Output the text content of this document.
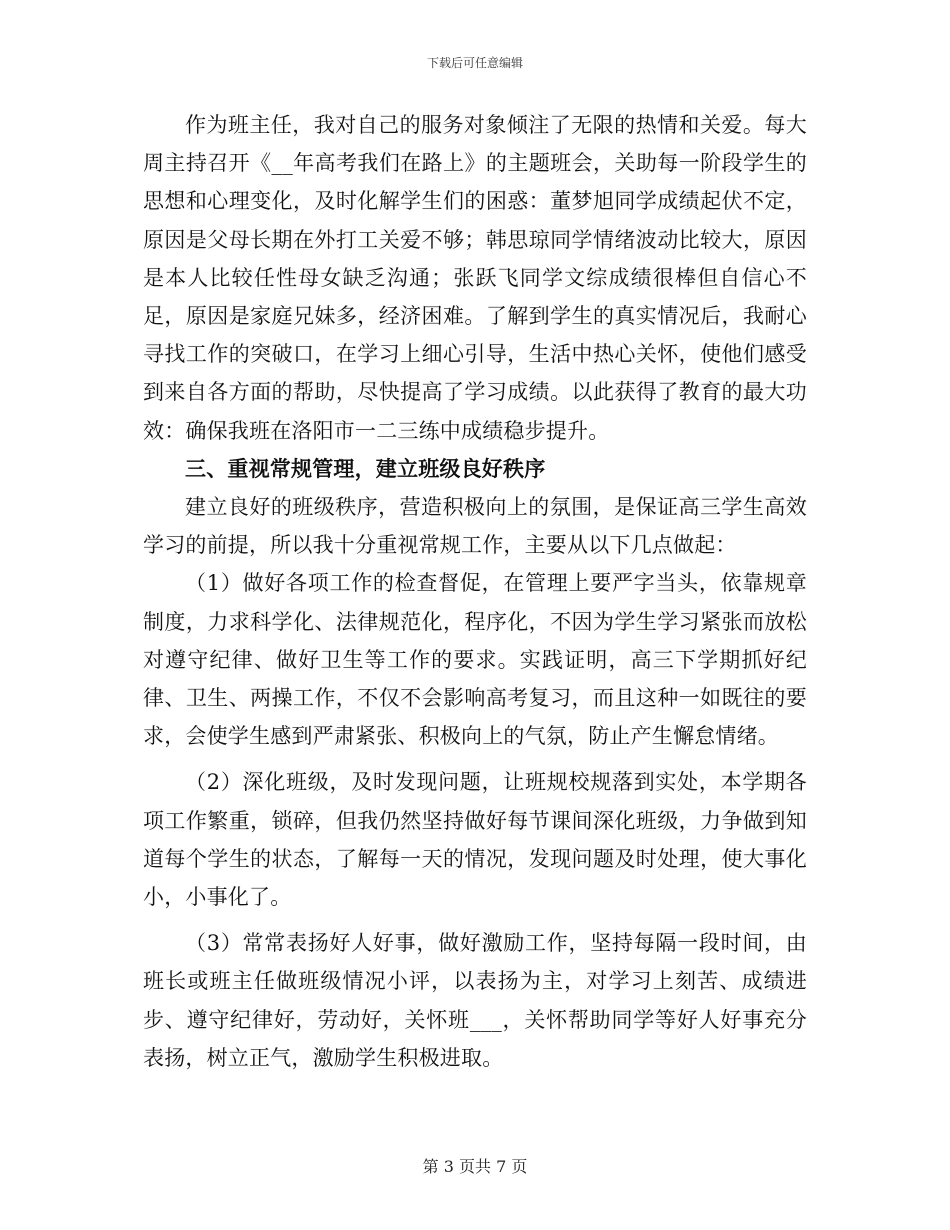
下载后可任意编辑

作为班主任，我对自己的服务对象倾注了无限的热情和关爱。每大周主持召开《__年高考我们在路上》的主题班会，关助每一阶段学生的思想和心理变化，及时化解学生们的困惑：董梦旭同学成绩起伏不定，原因是父母长期在外打工关爱不够；韩思琼同学情绪波动比较大，原因是本人比较任性母女缺乏沟通；张跃飞同学文综成绩很棒但自信心不足，原因是家庭兄妹多，经济困难。了解到学生的真实情况后，我耐心寻找工作的突破口，在学习上细心引导，生活中热心关怀，使他们感受到来自各方面的帮助，尽快提高了学习成绩。以此获得了教育的最大功效：确保我班在洛阳市一二三练中成绩稳步提升。

三、重视常规管理，建立班级良好秩序

建立良好的班级秩序，营造积极向上的氛围，是保证高三学生高效学习的前提，所以我十分重视常规工作，主要从以下几点做起：

（1）做好各项工作的检查督促，在管理上要严字当头，依靠规章制度，力求科学化、法律规范化，程序化，不因为学生学习紧张而放松对遵守纪律、做好卫生等工作的要求。实践证明，高三下学期抓好纪律、卫生、两操工作，不仅不会影响高考复习，而且这种一如既往的要求，会使学生感到严肃紧张、积极向上的气氛，防止产生懈怠情绪。

（2）深化班级，及时发现问题，让班规校规落到实处，本学期各项工作繁重，锁碎，但我仍然坚持做好每节课间深化班级，力争做到知道每个学生的状态，了解每一天的情况，发现问题及时处理，使大事化小，小事化了。

（3）常常表扬好人好事，做好激励工作，坚持每隔一段时间，由班长或班主任做班级情况小评，以表扬为主，对学习上刻苦、成绩进步、遵守纪律好，劳动好，关怀班___，关怀帮助同学等好人好事充分表扬，树立正气，激励学生积极进取。

第 3 页共 7 页
